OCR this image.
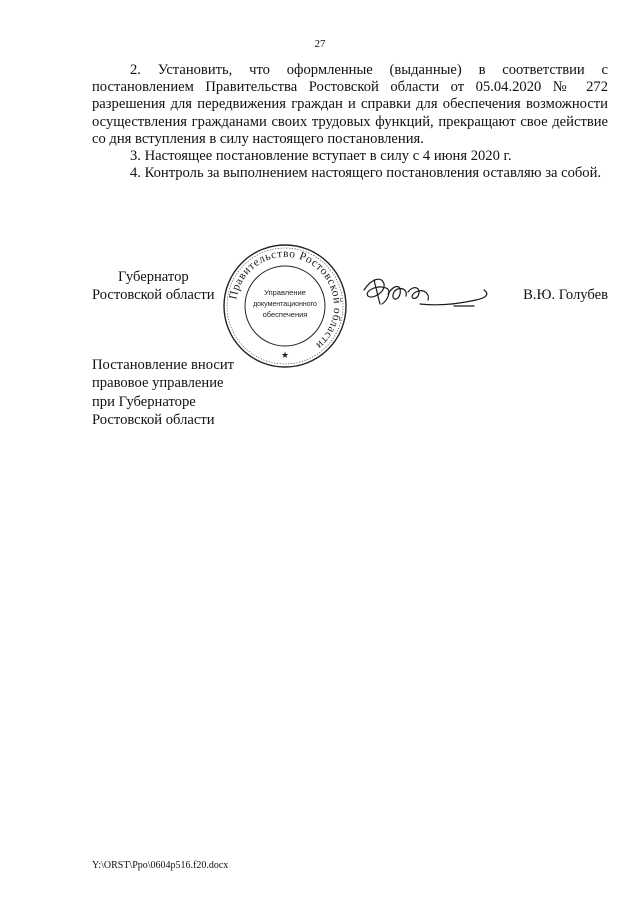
27

2. Установить, что оформленные (выданные) в соответствии с постановлением Правительства Ростовской области от 05.04.2020 № 272 разрешения для передвижения граждан и справки для обеспечения возможности осуществления гражданами своих трудовых функций, прекращают свое действие со дня вступления в силу настоящего постановления.

3. Настоящее постановление вступает в силу с 4 июня 2020 г.

4. Контроль за выполнением настоящего постановления оставляю за собой.

Губернатор
Ростовской области Правительство Ростовской области
Управление
документационного
обеспечения
★
В.Ю. Голубев
Постановление вносит
правовое управление
при Губернаторе
Ростовской области
Y:\ORST\Ppo\0604p516.f20.docx
